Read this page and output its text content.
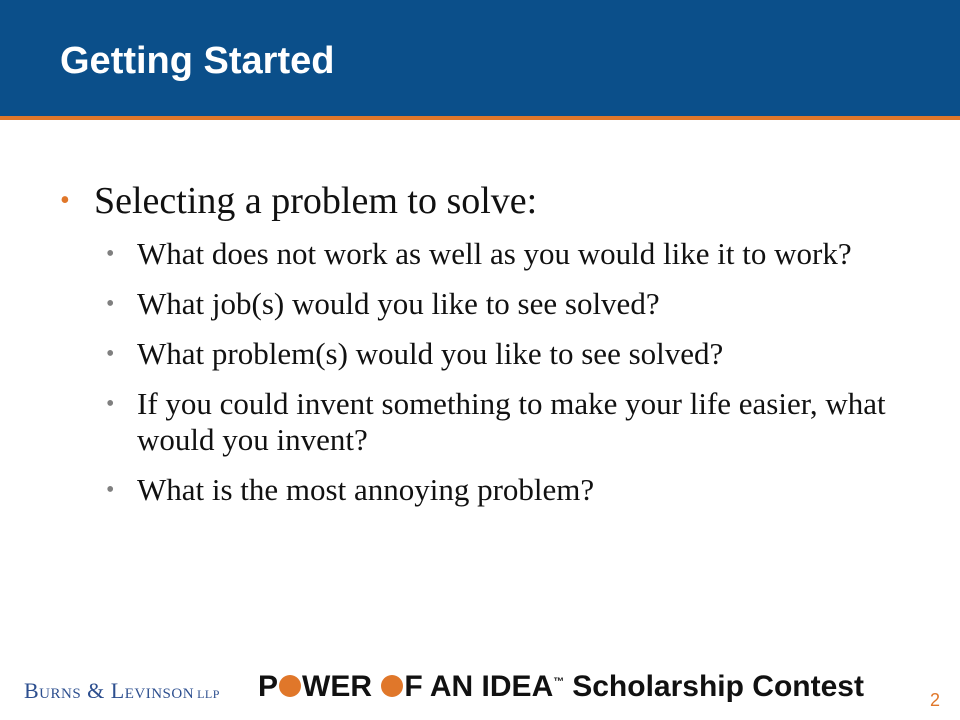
Getting Started
• Selecting a problem to solve:
• What does not work as well as you would like it to work?
• What job(s) would you like to see solved?
• What problem(s) would you like to see solved?
• If you could invent something to make your life easier, what would you invent?
• What is the most annoying problem?
Burns & Levinson LLP P WER F AN IDEA™ Scholarship Contest	2
